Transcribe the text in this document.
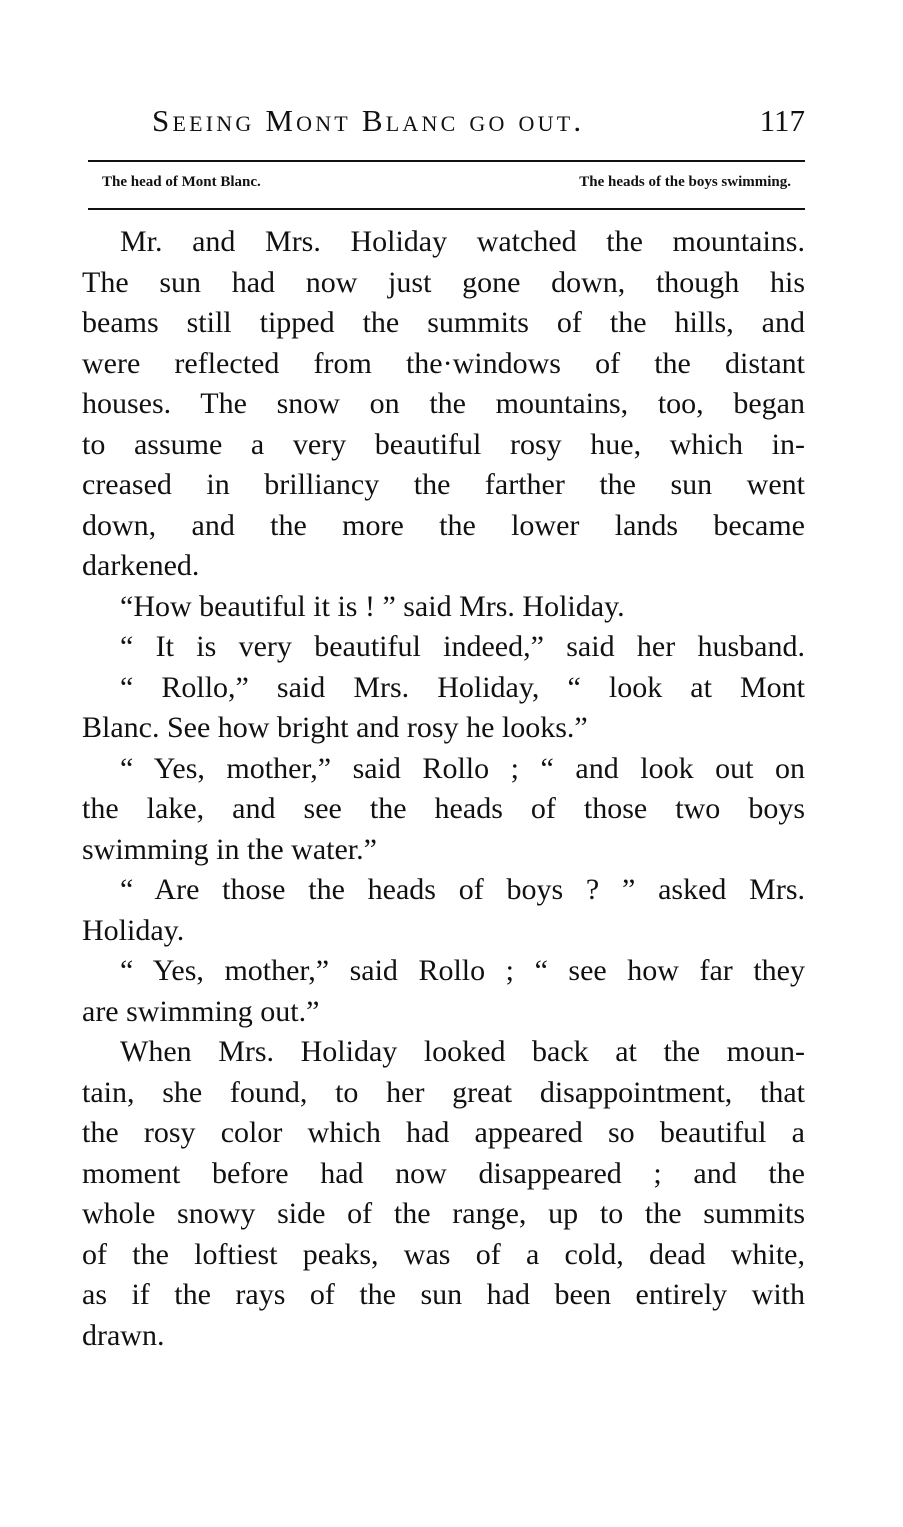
Seeing Mont Blanc go out.	117
The head of Mont Blanc.	The heads of the boys swimming.
Mr. and Mrs. Holiday watched the mountains.
The sun had now just gone down, though his
beams still tipped the summits of the hills, and
were reflected from the·windows of the distant
houses. The snow on the mountains, too, began
to assume a very beautiful rosy hue, which in-
creased in brilliancy the farther the sun went
down, and the more the lower lands became
darkened.
“How beautiful it is ! ” said Mrs. Holiday.
“ It is very beautiful indeed,” said her husband.
“ Rollo,” said Mrs. Holiday, “ look at Mont
Blanc. See how bright and rosy he looks.”
“ Yes, mother,” said Rollo ; “ and look out on
the lake, and see the heads of those two boys
swimming in the water.”
“ Are those the heads of boys ? ” asked Mrs.
Holiday.
“ Yes, mother,” said Rollo ; “ see how far they
are swimming out.”
When Mrs. Holiday looked back at the moun-
tain, she found, to her great disappointment, that
the rosy color which had appeared so beautiful a
moment before had now disappeared ; and the
whole snowy side of the range, up to the summits
of the loftiest peaks, was of a cold, dead white,
as if the rays of the sun had been entirely with
drawn.
